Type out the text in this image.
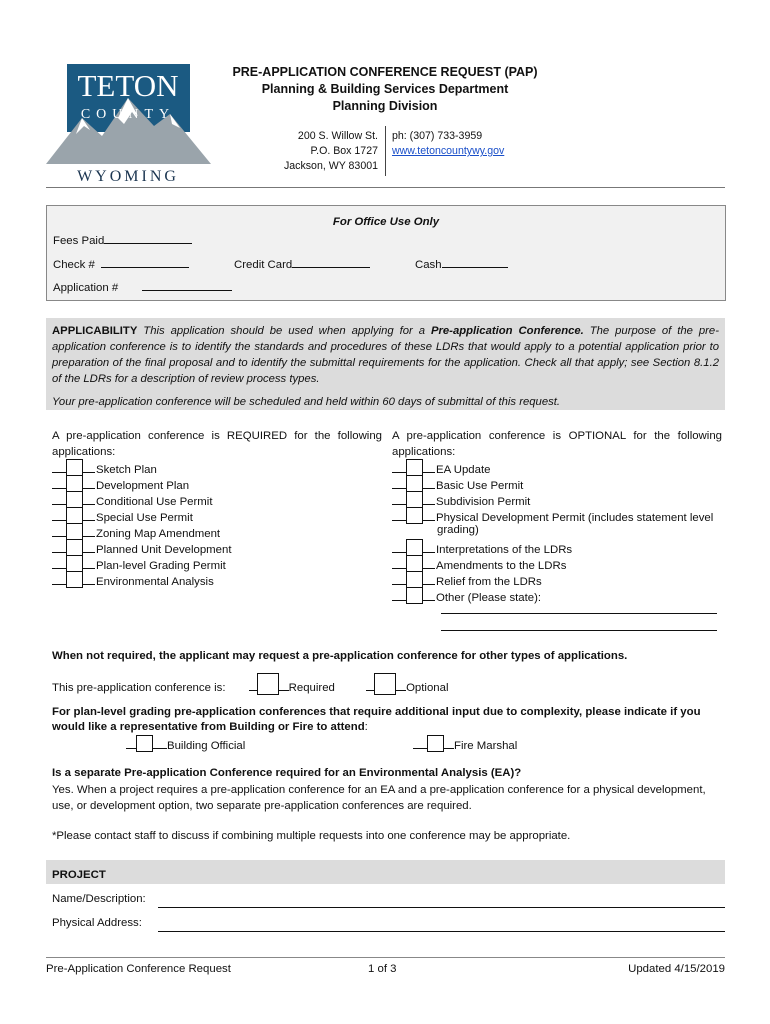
TETON
COUNTY
WYOMING
PRE-APPLICATION CONFERENCE REQUEST (PAP)
Planning & Building Services Department
Planning Division
200 S. Willow St.
P.O. Box 1727
Jackson, WY 83001
ph: (307) 733-3959
www.tetoncountywy.gov
For Office Use Only
Fees Paid
Check #	Credit Card	Cash
Application #
APPLICABILITY This application should be used when applying for a Pre-application Conference. The purpose of the pre-application conference is to identify the standards and procedures of these LDRs that would apply to a potential application prior to preparation of the final proposal and to identify the submittal requirements for the application. Check all that apply; see Section 8.1.2 of the LDRs for a description of review process types.
Your pre-application conference will be scheduled and held within 60 days of submittal of this request.
A pre-application conference is REQUIRED for the following applications:
Sketch Plan
Development Plan
Conditional Use Permit
Special Use Permit
Zoning Map Amendment
Planned Unit Development
Plan-level Grading Permit
Environmental Analysis
A pre-application conference is OPTIONAL for the following applications:
EA Update
Basic Use Permit
Subdivision Permit
Physical Development Permit (includes statement level
grading)
Interpretations of the LDRs
Amendments to the LDRs
Relief from the LDRs
Other (Please state):
When not required, the applicant may request a pre-application conference for other types of applications.
This pre-application conference is:	Required	Optional
For plan-level grading pre-application conferences that require additional input due to complexity, please indicate if you would like a representative from Building or Fire to attend:
Building Official	Fire Marshal
Is a separate Pre-application Conference required for an Environmental Analysis (EA)?
Yes. When a project requires a pre-application conference for an EA and a pre-application conference for a physical development, use, or development option, two separate pre-application conferences are required.
*Please contact staff to discuss if combining multiple requests into one conference may be appropriate.
PROJECT
Name/Description:
Physical Address:
Pre-Application Conference Request	1 of 3	Updated 4/15/2019
